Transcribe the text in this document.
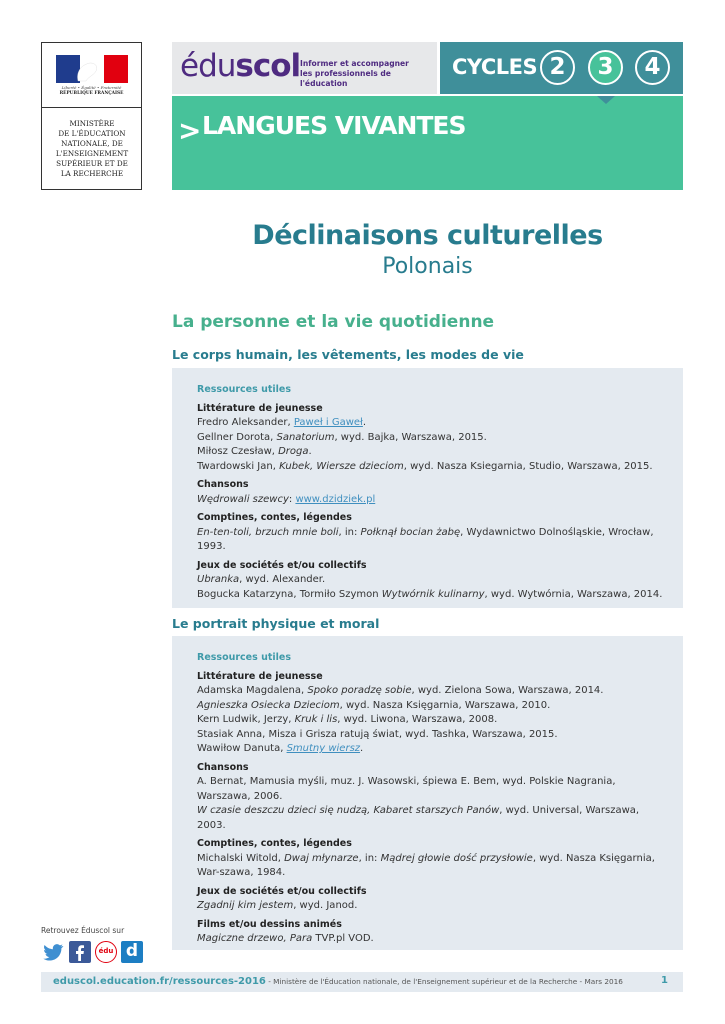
Liberté • Égalité • Fraternité
RÉPUBLIQUE FRANÇAISE
MINISTÈRE
DE L'ÉDUCATION
NATIONALE, DE
L'ENSEIGNEMENT
SUPÉRIEUR ET DE
LA RECHERCHE
éduscol Informer et accompagner
les professionnels de l'éducation
CYCLES 2	3	4
> LANGUES VIVANTES
Déclinaisons culturelles
Polonais
La personne et la vie quotidienne
Le corps humain, les vêtements, les modes de vie
Ressources utiles
Littérature de jeunesse
Fredro Aleksander, Paweł i Gaweł.
Gellner Dorota, Sanatorium, wyd. Bajka, Warszawa, 2015.
Miłosz Czesław, Droga.
Twardowski Jan, Kubek, Wiersze dzieciom, wyd. Nasza Ksiegarnia, Studio, Warszawa, 2015.
Chansons
Wędrowali szewcy: www.dzidziek.pl
Comptines, contes, légendes
En-ten-toli, brzuch mnie boli, in: Połknął bocian żabę, Wydawnictwo Dolnośląskie, Wrocław, 1993.
Jeux de sociétés et/ou collectifs
Ubranka, wyd. Alexander.
Bogucka Katarzyna, Tormiło Szymon Wytwórnik kulinarny, wyd. Wytwórnia, Warszawa, 2014.
Le portrait physique et moral
Ressources utiles
Littérature de jeunesse
Adamska Magdalena, Spoko poradzę sobie, wyd. Zielona Sowa, Warszawa, 2014.
Agnieszka Osiecka Dzieciom, wyd. Nasza Księgarnia, Warszawa, 2010.
Kern Ludwik, Jerzy, Kruk i lis, wyd. Liwona, Warszawa, 2008.
Stasiak Anna, Misza i Grisza ratują świat, wyd. Tashka, Warszawa, 2015.
Wawiłow Danuta, Smutny wiersz.
Chansons
A. Bernat, Mamusia myśli, muz. J. Wasowski, śpiewa E. Bem, wyd. Polskie Nagrania, Warszawa, 2006.
W czasie deszczu dzieci się nudzą, Kabaret starszych Panów, wyd. Universal, Warszawa, 2003.
Comptines, contes, légendes
Michalski Witold, Dwaj młynarze, in: Mądrej głowie dość przysłowie, wyd. Nasza Księgarnia, War-szawa, 1984.
Jeux de sociétés et/ou collectifs
Zgadnij kim jestem, wyd. Janod.
Films et/ou dessins animés
Magiczne drzewo, Para TVP.pl VOD.
Retrouvez Éduscol sur
édu d
eduscol.education.fr/ressources-2016 - Ministère de l'Éducation nationale, de l'Enseignement supérieur et de la Recherche - Mars 2016	1
